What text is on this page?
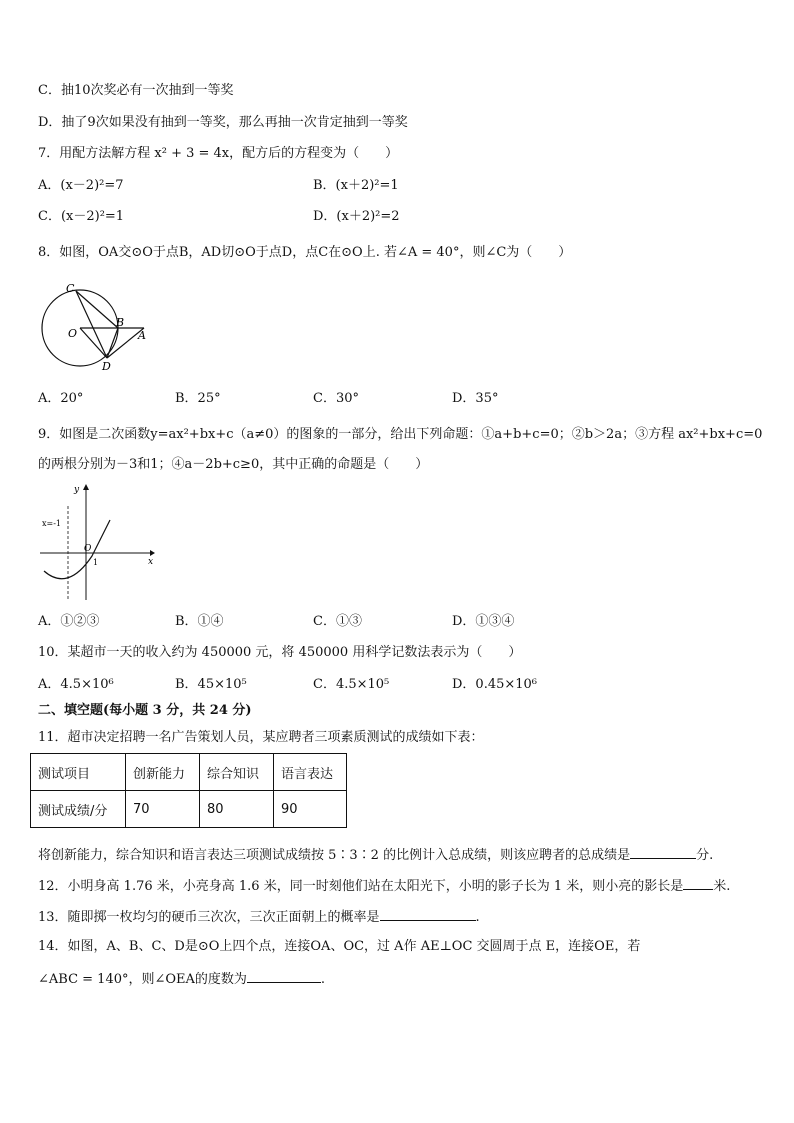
C．抽10次奖必有一次抽到一等奖
D．抽了9次如果没有抽到一等奖，那么再抽一次肯定抽到一等奖
7．用配方法解方程 x² + 3 = 4x，配方后的方程变为（　　）
A．(x－2)²=7	B．(x＋2)²=1
C．(x－2)²=1	D．(x＋2)²=2
8．如图，OA交⊙O于点B，AD切⊙O于点D，点C在⊙O上. 若∠A = 40°，则∠C为（　　）
C
O
B
A
D
A．20°	B．25°	C．30°	D．35°
9．如图是二次函数y=ax²+bx+c（a≠0）的图象的一部分，给出下列命题：①a+b+c=0；②b＞2a；③方程 ax²+bx+c=0
的两根分别为－3和1；④a－2b+c≥0，其中正确的命题是（　　）
x=-1
y
x
O
1
A．①②③	B．①④	C．①③	D．①③④
10．某超市一天的收入约为 450000 元，将 450000 用科学记数法表示为（　　）
A．4.5×10⁶	B．45×10⁵	C．4.5×10⁵	D．0.45×10⁶
二、填空题(每小题 3 分，共 24 分)
11．超市决定招聘一名广告策划人员，某应聘者三项素质测试的成绩如下表：
测试项目	创新能力	综合知识	语言表达
测试成绩/分	70	80	90
将创新能力，综合知识和语言表达三项测试成绩按 5∶3∶2 的比例计入总成绩，则该应聘者的总成绩是	分.
12．小明身高 1.76 米，小亮身高 1.6 米，同一时刻他们站在太阳光下，小明的影子长为 1 米，则小亮的影长是 米.
13．随即掷一枚均匀的硬币三次次，三次正面朝上的概率是	.
14．如图，A、B、C、D是⊙O上四个点，连接OA、OC，过 A作 AE⊥OC 交圆周于点 E，连接OE，若
∠ABC = 140°，则∠OEA的度数为	.
